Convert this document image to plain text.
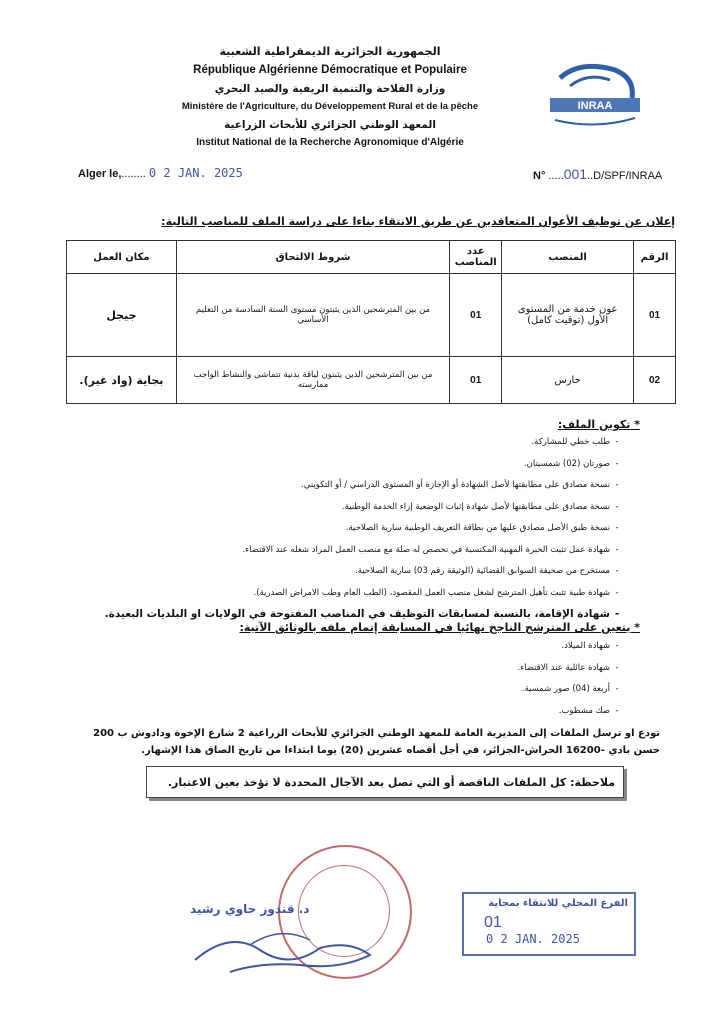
الجمهورية الجزائرية الديمقراطية الشعبية
République Algérienne Démocratique et Populaire
وزارة الفلاحة والتنمية الريفية والصيد البحري
Ministère de l'Agriculture, du Développement Rural et de la pêche
المعهد الوطني الجزائري للأبحاث الزراعية
Institut National de la Recherche Agronomique d'Algérie
INRAA
Alger le,........ 0 2 JAN. 2025	N° .....001..D/SPF/INRAA
إعلان عن توظيف الأعوان المتعاقدين عن طريق الانتقاء بناءا على دراسة الملف للمناصب التالية:
الرقم	المنصب	عدد المناصب	شروط الالتحاق	مكان العمل
01	عون خدمة من المستوى الأول (توقيت كامل)	01	من بين المترشحين الذين يثبتون مستوى السنة السادسة من التعليم الأساسي	جيجل
02	حارس	01	من بين المترشحين الذين يثبتون لياقة بدنية تتماشى والنشاط الواجب ممارسته	بجاية (واد غير).
* تكوين الملف:
-طلب خطي للمشاركة.
-صورتان (02) شمسيتان.
-نسخة مصادق على مطابقتها لأصل الشهادة أو الإجازة أو المستوى الدراسي / أو التكويني.
-نسخة مصادق على مطابقتها لأصل شهادة إثبات الوضعية إزاء الخدمة الوطنية.
-نسخة طبق الأصل مصادق عليها من بطاقة التعريف الوطنية سارية الصلاحية.
-شهادة عمل تثبت الخبرة المهنية المكتسبة في تخصص له صلة مع منصب العمل المراد شغله عند الاقتضاء.
-مستخرج من صحيفة السوابق القضائية (الوثيقة رقم 03) سارية الصلاحية.
-شهادة طبية تثبت تأهيل المترشح لشغل منصب العمل المقصود، (الطب العام وطب الامراض الصدرية).
-شهادة الإقامة، بالنسبة لمسابقات التوظيف في المناصب المفتوحة في الولايات او البلديات البعيدة.
* يتعين على المترشح الناجح نهائيا في المسابقة إتمام ملفه بالوثائق الآتية:
-شهادة الميلاد.
-شهادة عائلية عند الاقتضاء.
-أربعة (04) صور شمسية.
-صك مشطوب.
تودع او ترسل الملفات إلى المديرية العامة للمعهد الوطني الجزائري للأبحاث الزراعية 2 شارع الإخوة ودادوش ب 200
حسن بادي -16200 الحراش-الجزائر، في أجل أقصاه عشرين (20) يوما ابتداءا من تاريخ الصاق هذا الإشهار.
ملاحظة: كل الملفات الناقصة أو التي تصل بعد الآجال المحددة لا تؤخذ بعين الاعتبار.
د. قندوز حاوي رشيد	الفرع المحلي للانتقاء بمجاية
01
0 2 JAN. 2025
